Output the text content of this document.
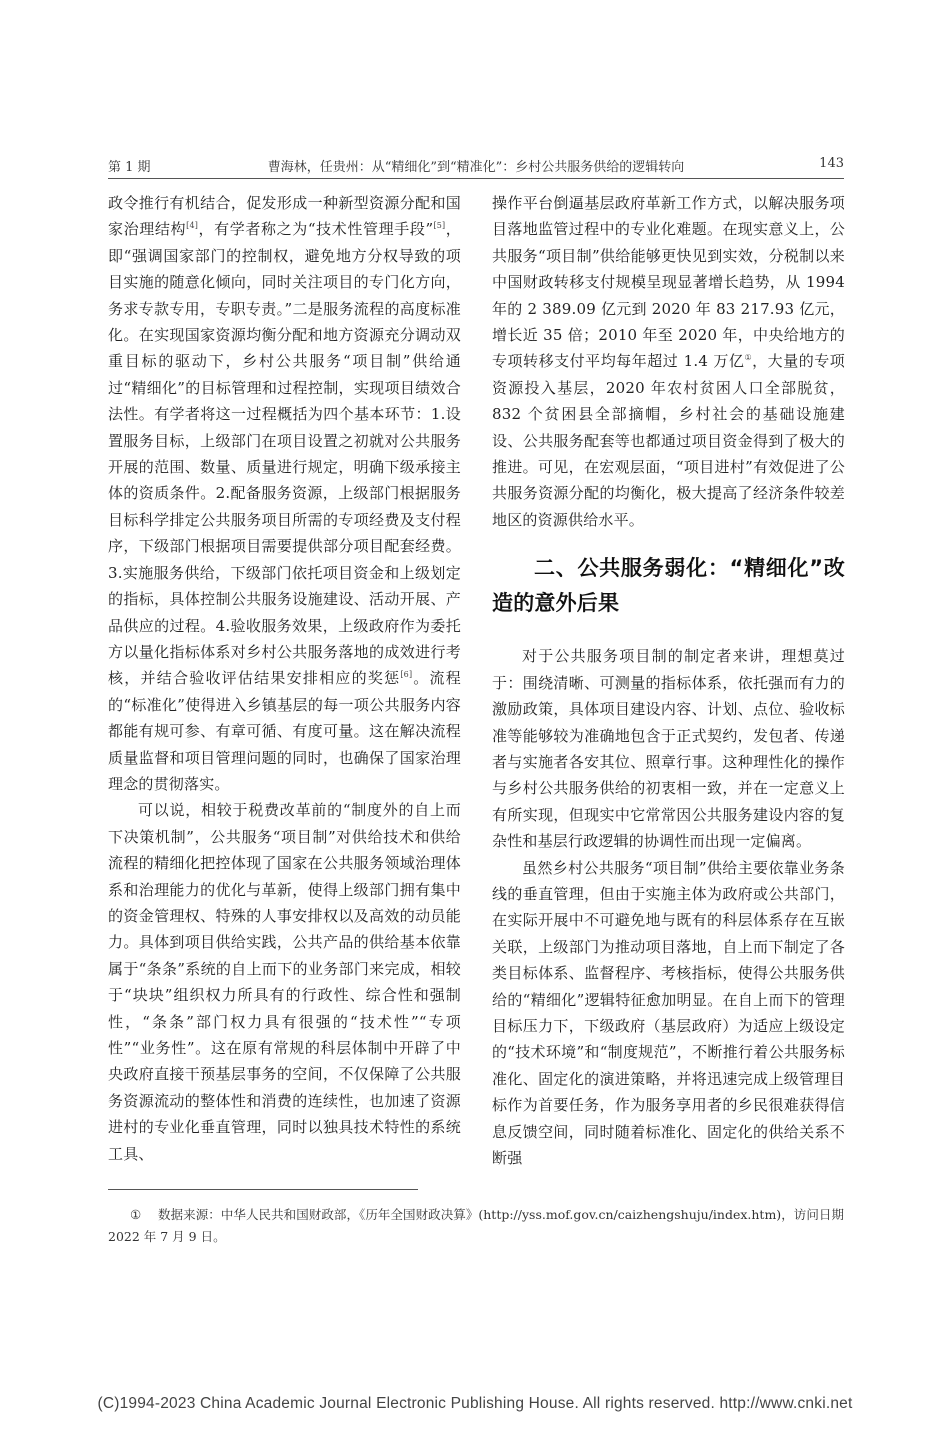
第 1 期	曹海林，任贵州：从“精细化”到“精准化”：乡村公共服务供给的逻辑转向	143

政令推行有机结合，促发形成一种新型资源分配和国家治理结构[4]，有学者称之为“技术性管理手段”[5]，即“强调国家部门的控制权，避免地方分权导致的项目实施的随意化倾向，同时关注项目的专门化方向，务求专款专用，专职专责。”二是服务流程的高度标准化。在实现国家资源均衡分配和地方资源充分调动双重目标的驱动下，乡村公共服务“项目制”供给通过“精细化”的目标管理和过程控制，实现项目绩效合法性。有学者将这一过程概括为四个基本环节：1.设置服务目标，上级部门在项目设置之初就对公共服务开展的范围、数量、质量进行规定，明确下级承接主体的资质条件。2.配备服务资源，上级部门根据服务目标科学排定公共服务项目所需的专项经费及支付程序，下级部门根据项目需要提供部分项目配套经费。3.实施服务供给，下级部门依托项目资金和上级划定的指标，具体控制公共服务设施建设、活动开展、产品供应的过程。4.验收服务效果，上级政府作为委托方以量化指标体系对乡村公共服务落地的成效进行考核，并结合验收评估结果安排相应的奖惩[6]。流程的“标准化”使得进入乡镇基层的每一项公共服务内容都能有规可参、有章可循、有度可量。这在解决流程质量监督和项目管理问题的同时，也确保了国家治理理念的贯彻落实。

可以说，相较于税费改革前的“制度外的自上而下决策机制”，公共服务“项目制”对供给技术和供给流程的精细化把控体现了国家在公共服务领域治理体系和治理能力的优化与革新，使得上级部门拥有集中的资金管理权、特殊的人事安排权以及高效的动员能力。具体到项目供给实践，公共产品的供给基本依靠属于“条条”系统的自上而下的业务部门来完成，相较于“块块”组织权力所具有的行政性、综合性和强制性，“条条”部门权力具有很强的“技术性”“专项性”“业务性”。这在原有常规的科层体制中开辟了中央政府直接干预基层事务的空间，不仅保障了公共服务资源流动的整体性和消费的连续性，也加速了资源进村的专业化垂直管理，同时以独具技术特性的系统工具、

操作平台倒逼基层政府革新工作方式，以解决服务项目落地监管过程中的专业化难题。在现实意义上，公共服务“项目制”供给能够更快见到实效，分税制以来中国财政转移支付规模呈现显著增长趋势，从 1994 年的 2 389.09 亿元到 2020 年 83 217.93 亿元，增长近 35 倍；2010 年至 2020 年，中央给地方的专项转移支付平均每年超过 1.4 万亿①，大量的专项资源投入基层，2020 年农村贫困人口全部脱贫，832 个贫困县全部摘帽，乡村社会的基础设施建设、公共服务配套等也都通过项目资金得到了极大的推进。可见，在宏观层面，“项目进村”有效促进了公共服务资源分配的均衡化，极大提高了经济条件较差地区的资源供给水平。

二、公共服务弱化：“精细化”改造的意外后果

对于公共服务项目制的制定者来讲，理想莫过于：围绕清晰、可测量的指标体系，依托强而有力的激励政策，具体项目建设内容、计划、点位、验收标准等能够较为准确地包含于正式契约，发包者、传递者与实施者各安其位、照章行事。这种理性化的操作与乡村公共服务供给的初衷相一致，并在一定意义上有所实现，但现实中它常常因公共服务建设内容的复杂性和基层行政逻辑的协调性而出现一定偏离。

虽然乡村公共服务“项目制”供给主要依靠业务条线的垂直管理，但由于实施主体为政府或公共部门，在实际开展中不可避免地与既有的科层体系存在互嵌关联，上级部门为推动项目落地，自上而下制定了各类目标体系、监督程序、考核指标，使得公共服务供给的“精细化”逻辑特征愈加明显。在自上而下的管理目标压力下，下级政府（基层政府）为适应上级设定的“技术环境”和“制度规范”，不断推行着公共服务标准化、固定化的演进策略，并将迅速完成上级管理目标作为首要任务，作为服务享用者的乡民很难获得信息反馈空间，同时随着标准化、固定化的供给关系不断强

① 数据来源：中华人民共和国财政部，《历年全国财政决算》(http://yss.mof.gov.cn/caizhengshuju/index.htm)，访问日期 2022 年 7 月 9 日。
(C)1994-2023 China Academic Journal Electronic Publishing House. All rights reserved. http://www.cnki.net
